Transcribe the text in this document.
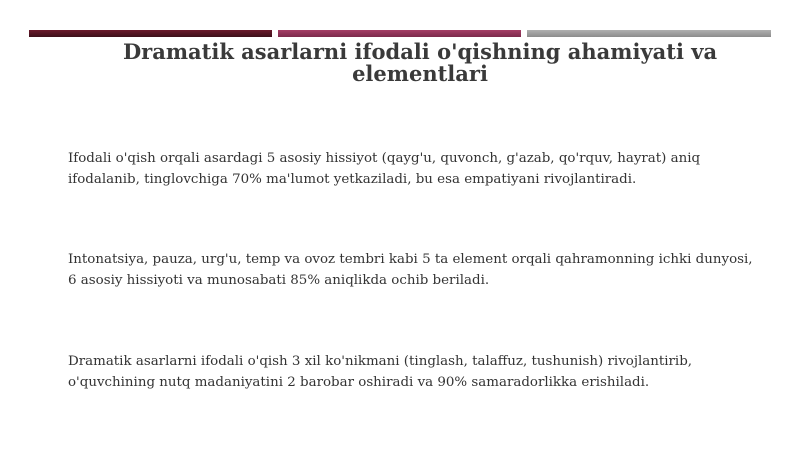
Dramatik asarlarni ifodali o'qishning ahamiyati va elementlari

Ifodali o'qish orqali asardagi 5 asosiy hissiyot (qayg'u, quvonch, g'azab, qo'rquv, hayrat) aniq ifodalanib, tinglovchiga 70% ma'lumot yetkaziladi, bu esa empatiyani rivojlantiradi.

Intonatsiya, pauza, urg'u, temp va ovoz tembri kabi 5 ta element orqali qahramonning ichki dunyosi, 6 asosiy hissiyoti va munosabati 85% aniqlikda ochib beriladi.

Dramatik asarlarni ifodali o'qish 3 xil ko'nikmani (tinglash, talaffuz, tushunish) rivojlantirib, o'quvchining nutq madaniyatini 2 barobar oshiradi va 90% samaradorlikka erishiladi.
